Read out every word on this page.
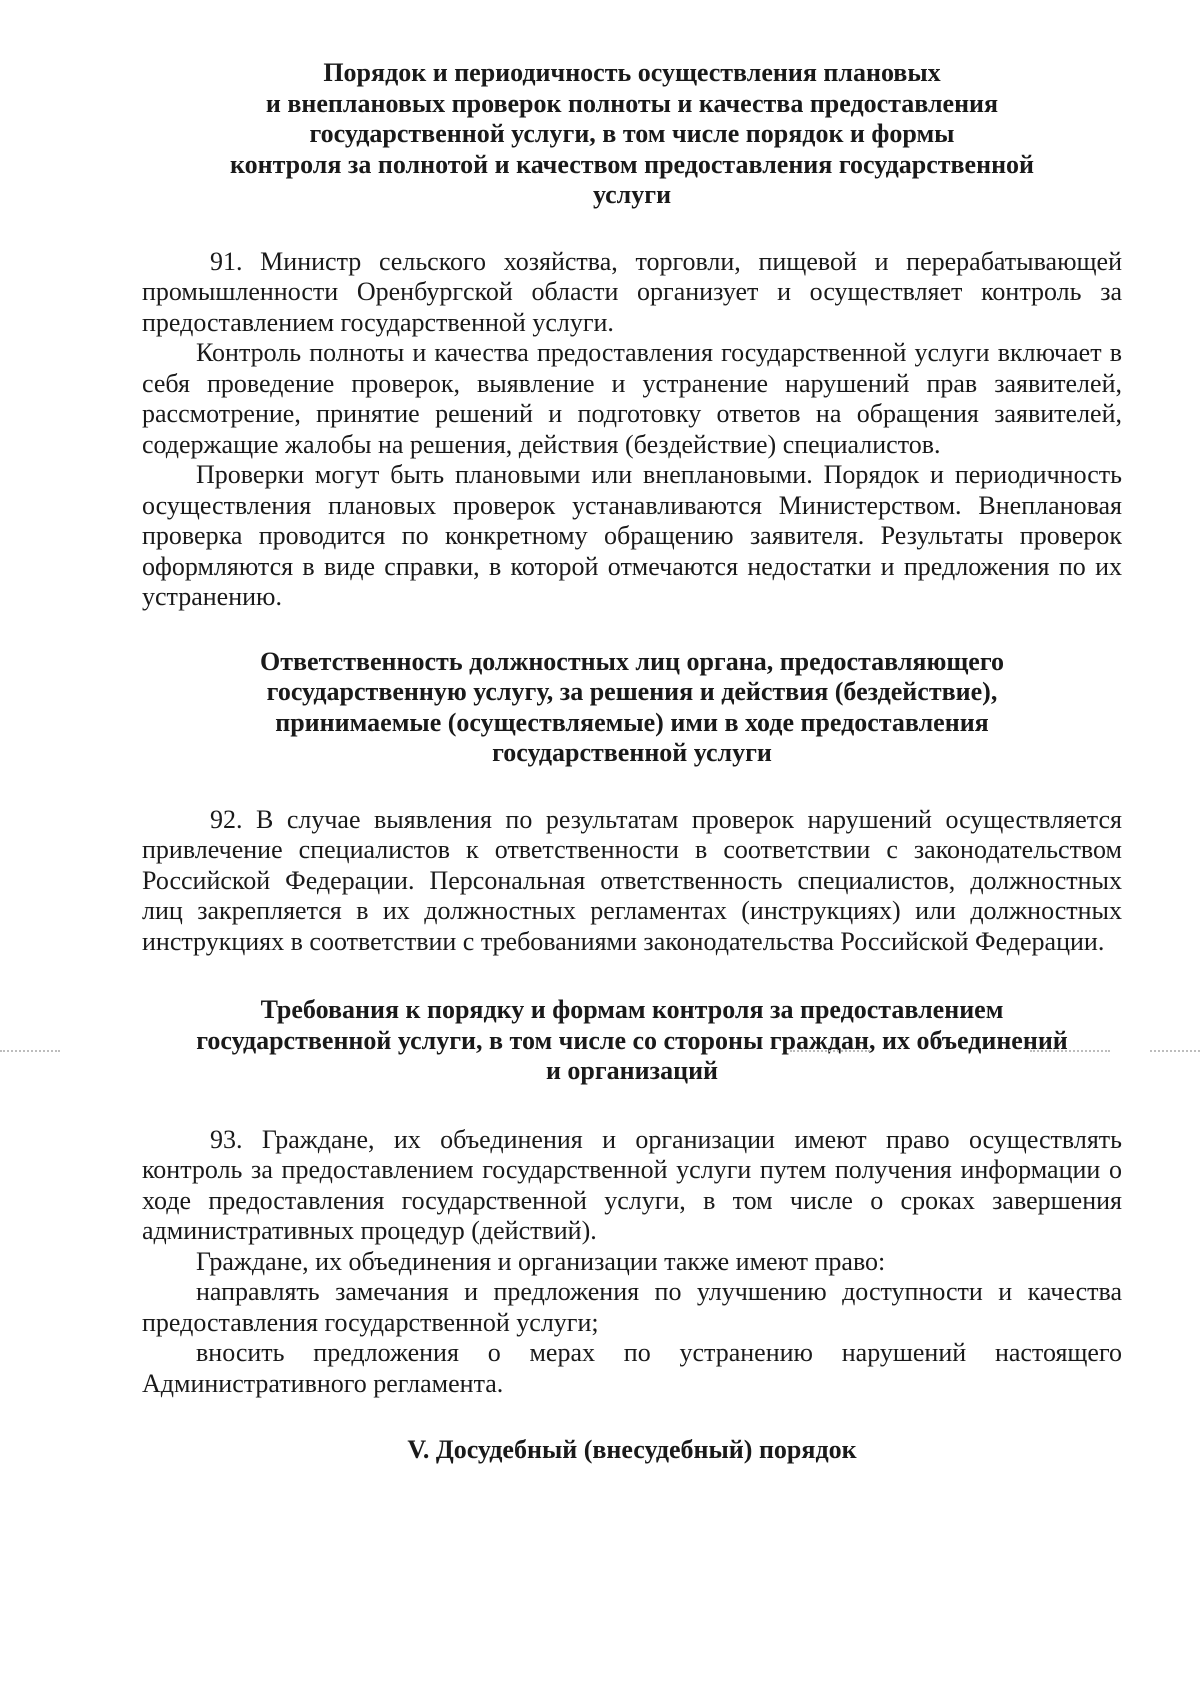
Порядок и периодичность осуществления плановых
и внеплановых проверок полноты и качества предоставления
государственной услуги, в том числе порядок и формы
контроля за полнотой и качеством предоставления государственной
услуги

91. Министр сельского хозяйства, торговли, пищевой и перерабатывающей промышленности Оренбургской области организует и осуществляет контроль за предоставлением государственной услуги.

Контроль полноты и качества предоставления государственной услуги включает в себя проведение проверок, выявление и устранение нарушений прав заявителей, рассмотрение, принятие решений и подготовку ответов на обращения заявителей, содержащие жалобы на решения, действия (бездействие) специалистов.

Проверки могут быть плановыми или внеплановыми. Порядок и периодичность осуществления плановых проверок устанавливаются Министерством. Внеплановая проверка проводится по конкретному обращению заявителя. Результаты проверок оформляются в виде справки, в которой отмечаются недостатки и предложения по их устранению.

Ответственность должностных лиц органа, предоставляющего
государственную услугу, за решения и действия (бездействие),
принимаемые (осуществляемые) ими в ходе предоставления
государственной услуги

92. В случае выявления по результатам проверок нарушений осуществляется привлечение специалистов к ответственности в соответствии с законодательством Российской Федерации. Персональная ответственность специалистов, должностных лиц закрепляется в их должностных регламентах (инструкциях) или должностных инструкциях в соответствии с требованиями законодательства Российской Федерации.

Требования к порядку и формам контроля за предоставлением
государственной услуги, в том числе со стороны граждан, их объединений
и организаций

93. Граждане, их объединения и организации имеют право осуществлять контроль за предоставлением государственной услуги путем получения информации о ходе предоставления государственной услуги, в том числе о сроках завершения административных процедур (действий).

Граждане, их объединения и организации также имеют право:

направлять замечания и предложения по улучшению доступности и качества предоставления государственной услуги;

вносить предложения о мерах по устранению нарушений настоящего Административного регламента.

V. Досудебный (внесудебный) порядок
